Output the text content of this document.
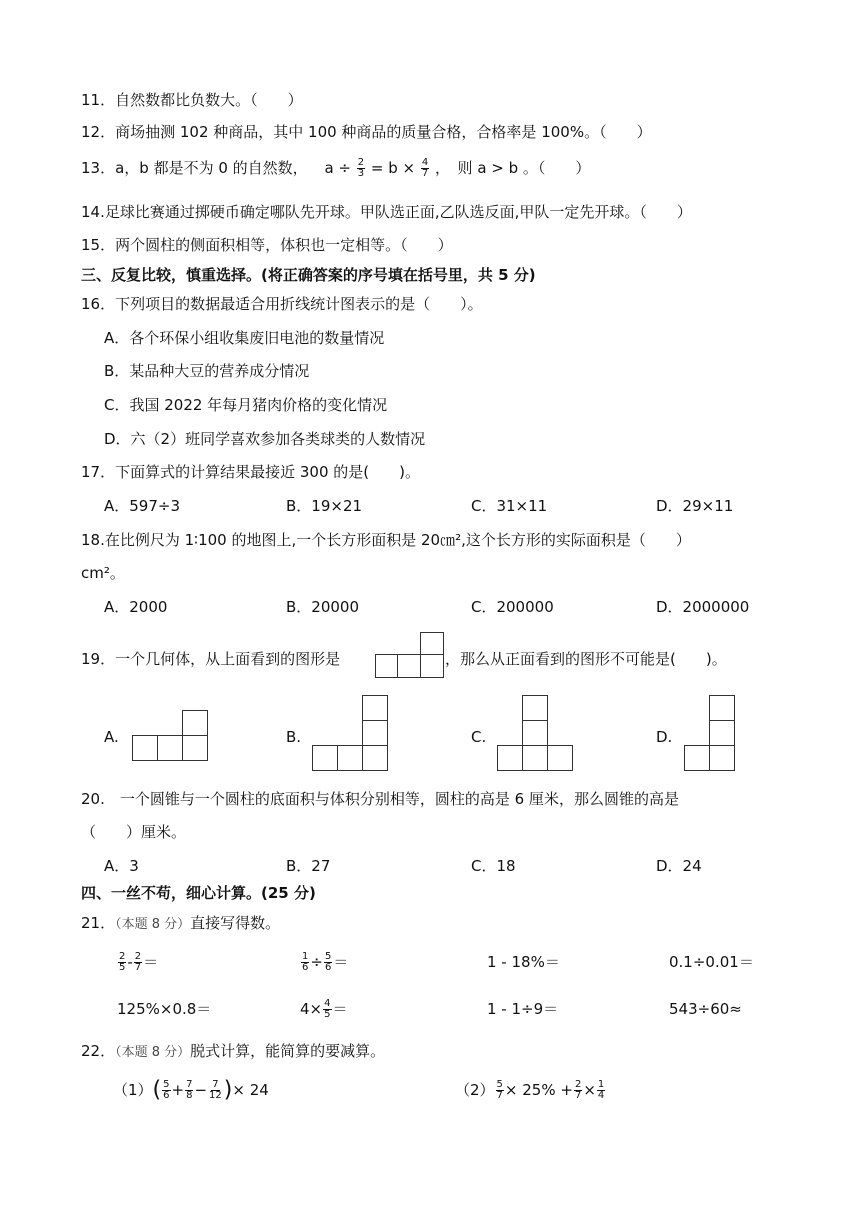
11．自然数都比负数大。（　　）
12．商场抽测 102 种商品，其中 100 种商品的质量合格，合格率是 100%。（　　）
13．a，b 都是不为 0 的自然数， $a \div \frac{2}{3} = b \times \frac{4}{7}$ ，　则 a > b 。（　　）
14.足球比赛通过掷硬币确定哪队先开球。甲队选正面,乙队选反面,甲队一定先开球。（　　）
15．两个圆柱的侧面积相等，体积也一定相等。（　　）
三、反复比较，慎重选择。(将正确答案的序号填在括号里，共 5 分)
16．下列项目的数据最适合用折线统计图表示的是（　　）。
A．各个环保小组收集废旧电池的数量情况
B．某品种大豆的营养成分情况
C．我国 2022 年每月猪肉价格的变化情况
D．六（2）班同学喜欢参加各类球类的人数情况
17．下面算式的计算结果最接近 300 的是(　　)。
A．597÷3	B．19×21	C．31×11	D．29×11
18.在比例尺为 1∶100 的地图上,一个长方形面积是 20㎝²,这个长方形的实际面积是（　　）
cm²。
A．2000	B．20000	C．200000	D．2000000
19．一个几何体，从上面看到的图形是	，那么从正面看到的图形不可能是(　　)。
A.	B.	C.	D.
20.　一个圆锥与一个圆柱的底面积与体积分别相等，圆柱的高是 6 厘米，那么圆锥的高是
（　　）厘米。
A．3	B．27	C．18	D．24
四、一丝不苟，细心计算。(25 分)
21．（本题 8 分）直接写得数。
$\frac{2}{5} - \frac{2}{7}$ ＝	$\frac{1}{6} \div \frac{5}{6}$ ＝	1 - 18%＝	0.1÷0.01＝
125%×0.8＝	$4\times \frac{4}{5}$ ＝	1 - 1÷9＝	543÷60≈
22．（本题 8 分）脱式计算，能简算的要减算。
$(1)( \frac{5}{6} + \frac{7}{8} - \frac{7}{12}$ )× 24	$(2) \frac{5}{7} \times 25\% + \frac{2}{7} \times \frac{1}{4}$
